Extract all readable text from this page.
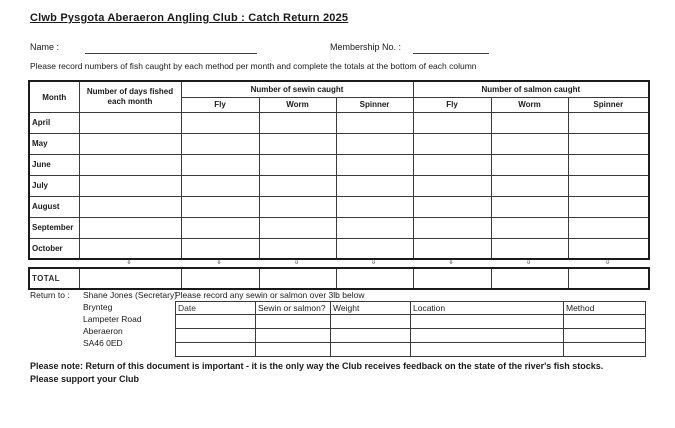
Clwb Pysgota Aberaeron Angling Club : Catch Return 2025
Name :	Membership No. :
Please record numbers of fish caught by each method per month and complete the totals at the bottom of each column
Month	Number of days fished each month	Number of sewin caught			Number of salmon caught		
		Fly	Worm	Spinner	Fly	Worm	Spinner
April							
May							
June							
July							
August							
September							
October							
⇩	⇩	⇩	⇩	⇩	⇩	⇩
TOTAL							
Return to : Shane Jones (Secretary)
Brynteg
Lampeter Road
Aberaeron
SA46 0ED
Please record any sewin or salmon over 3lb below
Date	Sewin or salmon?	Weight	Location	Method

Please note: Return of this document is important - it is the only way the Club receives feedback on the state of the river's fish stocks.
Please support your Club
